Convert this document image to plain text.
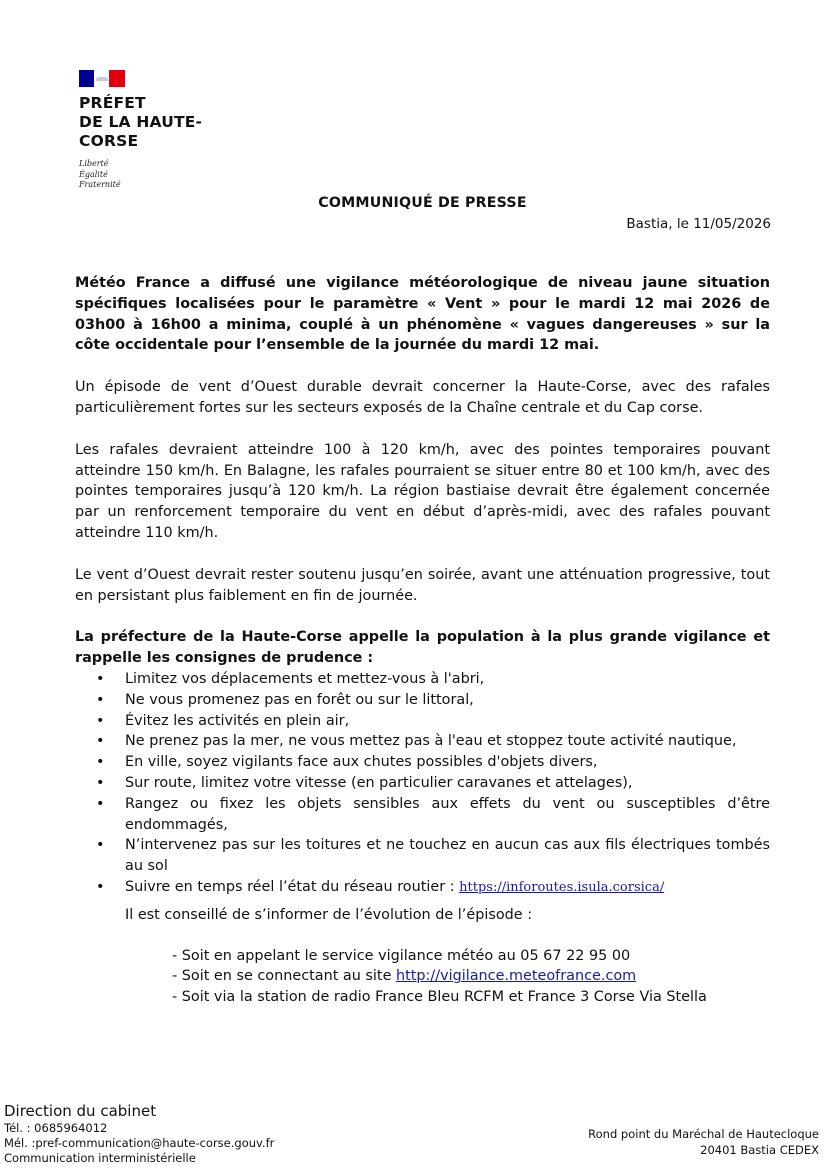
PRÉFET
DE LA HAUTE-
CORSE
Liberté
Égalité
Fraternité
COMMUNIQUÉ DE PRESSE
Bastia, le 11/05/2026

Météo France a diffusé une vigilance météorologique de niveau jaune situation spécifiques localisées pour le paramètre « Vent » pour le mardi 12 mai 2026 de 03h00 à 16h00 a minima, couplé à un phénomène « vagues dangereuses » sur la côte occidentale pour l’ensemble de la journée du mardi 12 mai.

Un épisode de vent d’Ouest durable devrait concerner la Haute-Corse, avec des rafales particulièrement fortes sur les secteurs exposés de la Chaîne centrale et du Cap corse.

Les rafales devraient atteindre 100 à 120 km/h, avec des pointes temporaires pouvant atteindre 150 km/h. En Balagne, les rafales pourraient se situer entre 80 et 100 km/h, avec des pointes temporaires jusqu’à 120 km/h. La région bastiaise devrait être également concernée par un renforcement temporaire du vent en début d’après-midi, avec des rafales pouvant atteindre 110 km/h.

Le vent d’Ouest devrait rester soutenu jusqu’en soirée, avant une atténuation progressive, tout en persistant plus faiblement en fin de journée.

La préfecture de la Haute-Corse appelle la population à la plus grande vigilance et rappelle les consignes de prudence :

• Limitez vos déplacements et mettez-vous à l'abri,
• Ne vous promenez pas en forêt ou sur le littoral,
• Évitez les activités en plein air,
• Ne prenez pas la mer, ne vous mettez pas à l'eau et stoppez toute activité nautique,
• En ville, soyez vigilants face aux chutes possibles d'objets divers,
• Sur route, limitez votre vitesse (en particulier caravanes et attelages),
• Rangez ou fixez les objets sensibles aux effets du vent ou susceptibles d’être endommagés,
• N’intervenez pas sur les toitures et ne touchez en aucun cas aux fils électriques tombés au sol
• Suivre en temps réel l’état du réseau routier : https://inforoutes.isula.corsica/
Il est conseillé de s’informer de l’évolution de l’épisode :
- Soit en appelant le service vigilance météo au 05 67 22 95 00
- Soit en se connectant au site http://vigilance.meteofrance.com
- Soit via la station de radio France Bleu RCFM et France 3 Corse Via Stella
Direction du cabinet
Tél. : 0685964012
Mél. :pref-communication@haute-corse.gouv.fr
Communication interministérielle
Rond point du Maréchal de Hautecloque
20401 Bastia CEDEX
